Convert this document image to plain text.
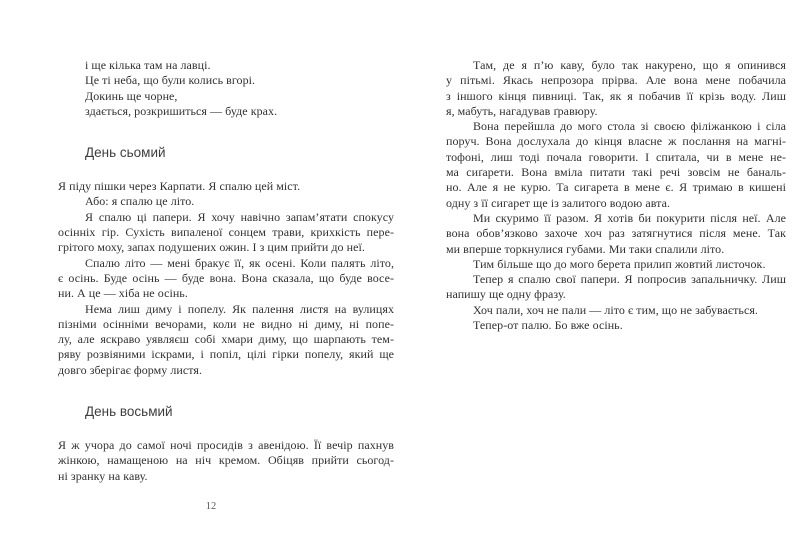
і ще кілька там на лавці.
Це ті неба, що були колись вгорі.
Докинь ще чорне,
здається, розкришиться — буде крах.
День сьомий
Я піду пішки через Карпати. Я спалю цей міст.
Або: я спалю це літо.
Я спалю ці папери. Я хочу навічно запам’ятати спокусу
осінніх гір. Сухість випаленої сонцем трави, крихкість пере-
грітого моху, запах подушених ожин. І з цим прийти до неї.
Спалю літо — мені бракує її, як осені. Коли палять літо,
є осінь. Буде осінь — буде вона. Вона сказала, що буде восе-
ни. А це — хіба не осінь.
Нема лиш диму і попелу. Як палення листя на вулицях
пізніми осінніми вечорами, коли не видно ні диму, ні попе-
лу, але яскраво уявляєш собі хмари диму, що шарпають тем-
ряву розвіяними іскрами, і попіл, цілі гірки попелу, який ще
довго зберігає форму листя.
День восьмий
Я ж учора до самої ночі просидів з авенідою. Її вечір пахнув
жінкою, намащеною на ніч кремом. Обіцяв прийти сьогод-
ні зранку на каву.
Там, де я п’ю каву, було так накурено, що я опинився
у пітьмі. Якась непрозора прірва. Але вона мене побачила
з іншого кінця пивниці. Так, як я побачив її крізь воду. Лиш
я, мабуть, нагадував ґравюру.
Вона перейшла до мого стола зі своєю філіжанкою і сіла
поруч. Вона дослухала до кінця власне ж послання на магні-
тофоні, лиш тоді почала говорити. І спитала, чи в мене не-
ма сиґарети. Вона вміла питати такі речі зовсім не баналь-
но. Але я не курю. Та сигарета в мене є. Я тримаю в кишені
одну з її сигарет ще із залитого водою авта.
Ми скуримо її разом. Я хотів би покурити після неї. Але
вона обов’язково захоче хоч раз затягнутися після мене. Так
ми вперше торкнулися губами. Ми таки спалили літо.
Тим більше що до мого берета прилип жовтий листочок.
Тепер я спалю свої папери. Я попросив запальничку. Лиш
напишу ще одну фразу.
Хоч пали, хоч не пали — літо є тим, що не забувається.
Тепер-от палю. Бо вже осінь.
12
